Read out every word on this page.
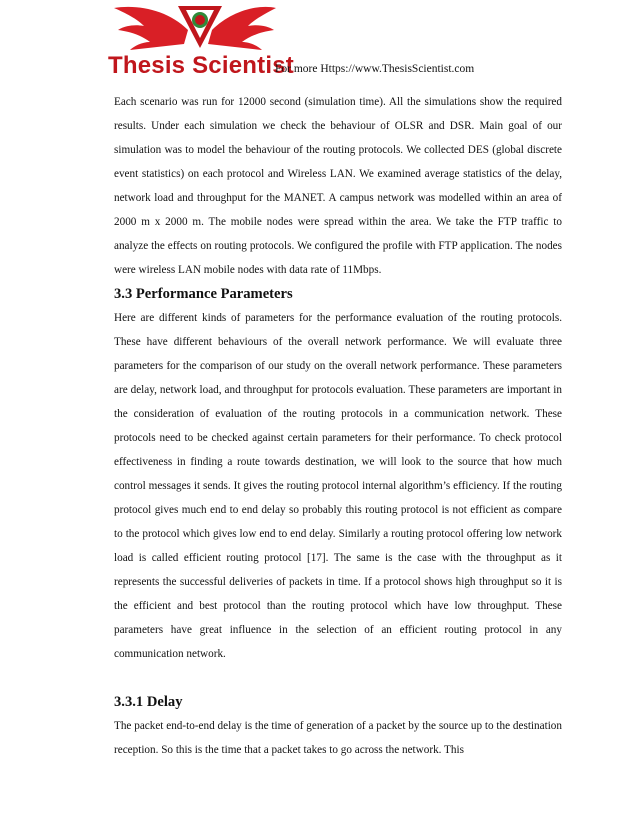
Thesis Scientist
For more Https://www.ThesisScientist.com

Each scenario was run for 12000 second (simulation time). All the simulations show the required results. Under each simulation we check the behaviour of OLSR and DSR. Main goal of our simulation was to model the behaviour of the routing protocols. We collected DES (global discrete event statistics) on each protocol and Wireless LAN. We examined average statistics of the delay, network load and throughput for the MANET. A campus network was modelled within an area of 2000 m x 2000 m. The mobile nodes were spread within the area. We take the FTP traffic to analyze the effects on routing protocols. We configured the profile with FTP application. The nodes were wireless LAN mobile nodes with data rate of 11Mbps.

3.3 Performance Parameters

Here are different kinds of parameters for the performance evaluation of the routing protocols. These have different behaviours of the overall network performance. We will evaluate three parameters for the comparison of our study on the overall network performance. These parameters are delay, network load, and throughput for protocols evaluation. These parameters are important in the consideration of evaluation of the routing protocols in a communication network. These protocols need to be checked against certain parameters for their performance. To check protocol effectiveness in finding a route towards destination, we will look to the source that how much control messages it sends. It gives the routing protocol internal algorithm’s efficiency. If the routing protocol gives much end to end delay so probably this routing protocol is not efficient as compare to the protocol which gives low end to end delay. Similarly a routing protocol offering low network load is called efficient routing protocol [17]. The same is the case with the throughput as it represents the successful deliveries of packets in time. If a protocol shows high throughput so it is the efficient and best protocol than the routing protocol which have low throughput. These parameters have great influence in the selection of an efficient routing protocol in any communication network.

3.3.1 Delay

The packet end-to-end delay is the time of generation of a packet by the source up to the destination reception. So this is the time that a packet takes to go across the network. This
